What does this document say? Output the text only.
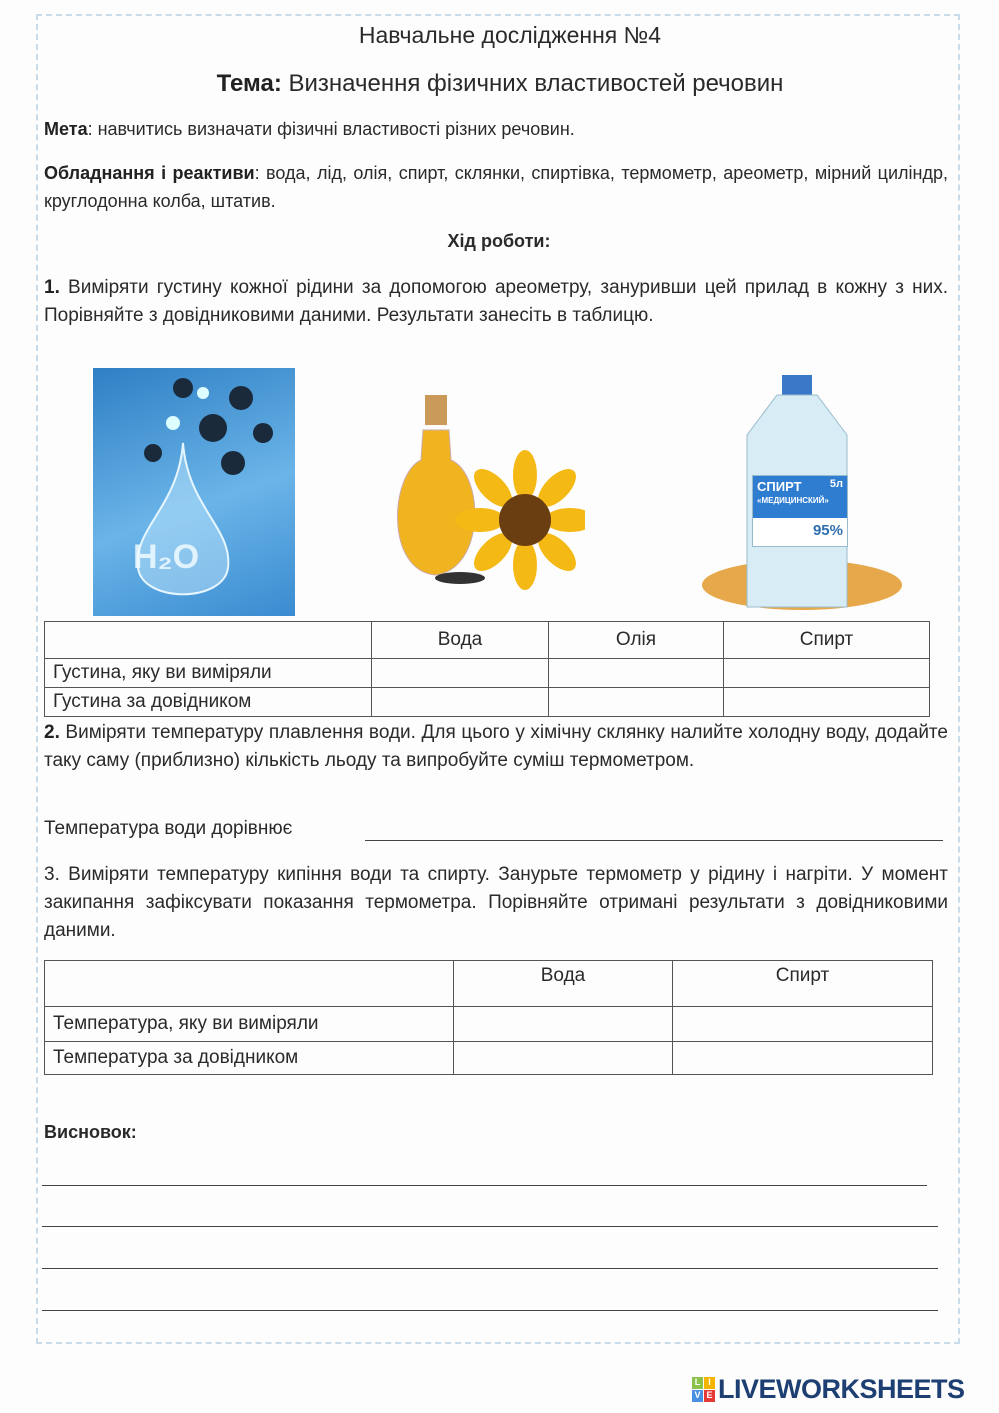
Навчальне дослідження №4
Тема: Визначення фізичних властивостей речовин
Мета: навчитись визначати фізичні властивості різних речовин.
Обладнання і реактиви: вода, лід, олія, спирт, склянки, спиртівка, термометр, ареометр, мірний циліндр, круглодонна колба, штатив.
Хід роботи:
1. Виміряти густину кожної рідини за допомогою ареометру, зануривши цей прилад в кожну з них. Порівняйте з довідниковими даними. Результати занесіть в таблицю.
H₂O
СПИРТ	5л
«МЕДИЦИНСКИЙ»
95%
	Вода	Олія	Спирт
Густина, яку ви виміряли			
Густина за довідником			
2. Виміряти температуру плавлення води. Для цього у хімічну склянку налийте холодну воду, додайте таку саму (приблизно) кількість льоду та випробуйте суміш термометром.
Температура води дорівнює
3. Виміряти температуру кипіння води та спирту. Занурьте термометр у рідину і нагріти. У момент закипання зафіксувати показання термометра. Порівняйте отримані результати з довідниковими даними.
	Вода	Спирт
Температура, яку ви виміряли		
Температура за довідником		
Висновок:
L I
V E LIVEWORKSHEETS
